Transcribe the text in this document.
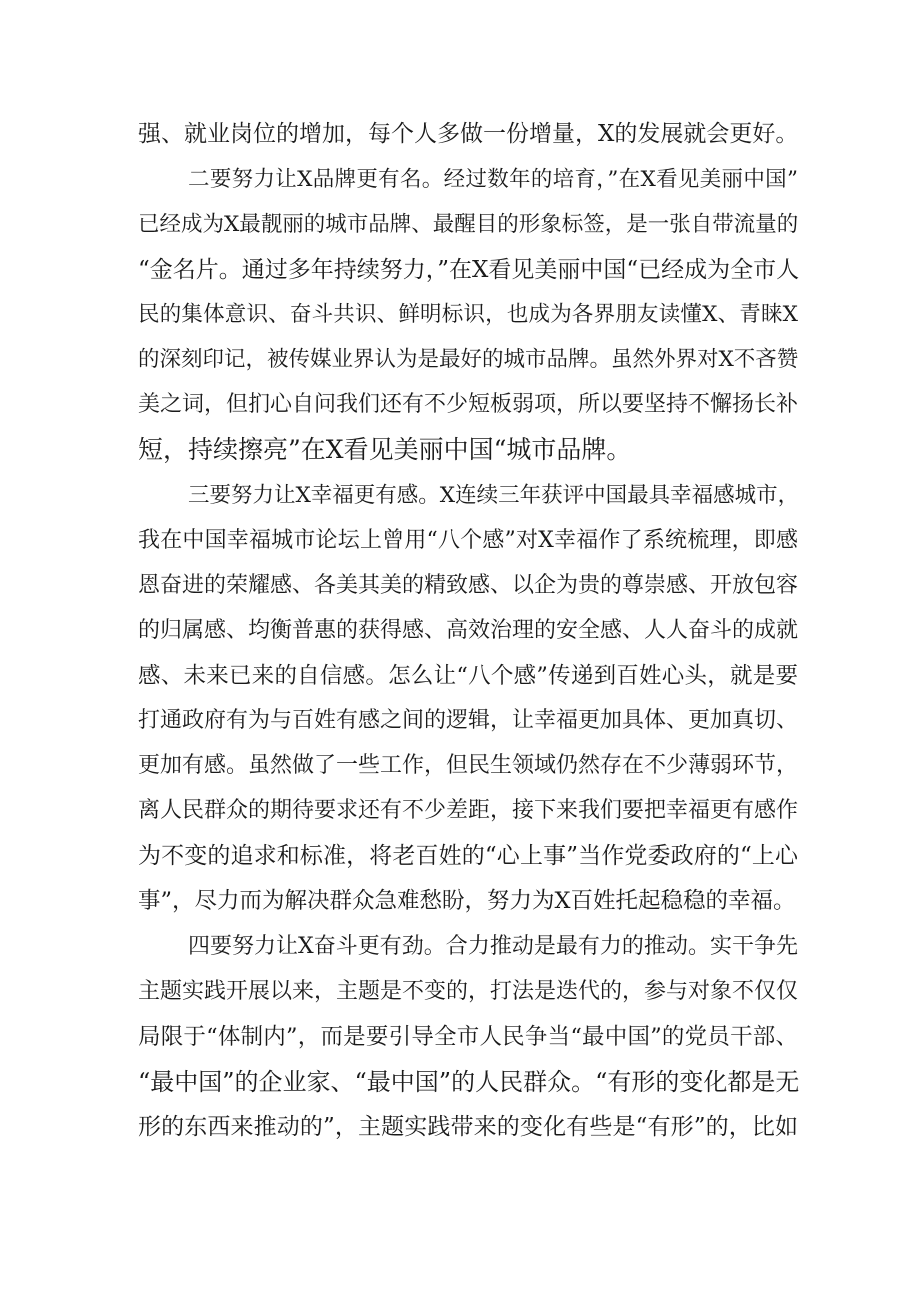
强、就业岗位的增加，每个人多做一份增量，X的发展就会更好。
二要努力让X品牌更有名。经过数年的培育，”在X看见美丽中国”
已经成为X最靓丽的城市品牌、最醒目的形象标签，是一张自带流量的
“金名片。通过多年持续努力，”在X看见美丽中国“已经成为全市人
民的集体意识、奋斗共识、鲜明标识，也成为各界朋友读懂X、青睐X
的深刻印记，被传媒业界认为是最好的城市品牌。虽然外界对X不吝赞
美之词，但扪心自问我们还有不少短板弱项，所以要坚持不懈扬长补
短，持续擦亮”在X看见美丽中国“城市品牌。
三要努力让X幸福更有感。X连续三年获评中国最具幸福感城市，
我在中国幸福城市论坛上曾用“八个感”对X幸福作了系统梳理，即感
恩奋进的荣耀感、各美其美的精致感、以企为贵的尊崇感、开放包容
的归属感、均衡普惠的获得感、高效治理的安全感、人人奋斗的成就
感、未来已来的自信感。怎么让“八个感”传递到百姓心头，就是要
打通政府有为与百姓有感之间的逻辑，让幸福更加具体、更加真切、
更加有感。虽然做了一些工作，但民生领域仍然存在不少薄弱环节，
离人民群众的期待要求还有不少差距，接下来我们要把幸福更有感作
为不变的追求和标准，将老百姓的“心上事”当作党委政府的“上心
事”，尽力而为解决群众急难愁盼，努力为X百姓托起稳稳的幸福。
四要努力让X奋斗更有劲。合力推动是最有力的推动。实干争先
主题实践开展以来，主题是不变的，打法是迭代的，参与对象不仅仅
局限于“体制内”，而是要引导全市人民争当“最中国”的党员干部、
“最中国”的企业家、“最中国”的人民群众。“有形的变化都是无
形的东西来推动的”，主题实践带来的变化有些是“有形”的，比如
